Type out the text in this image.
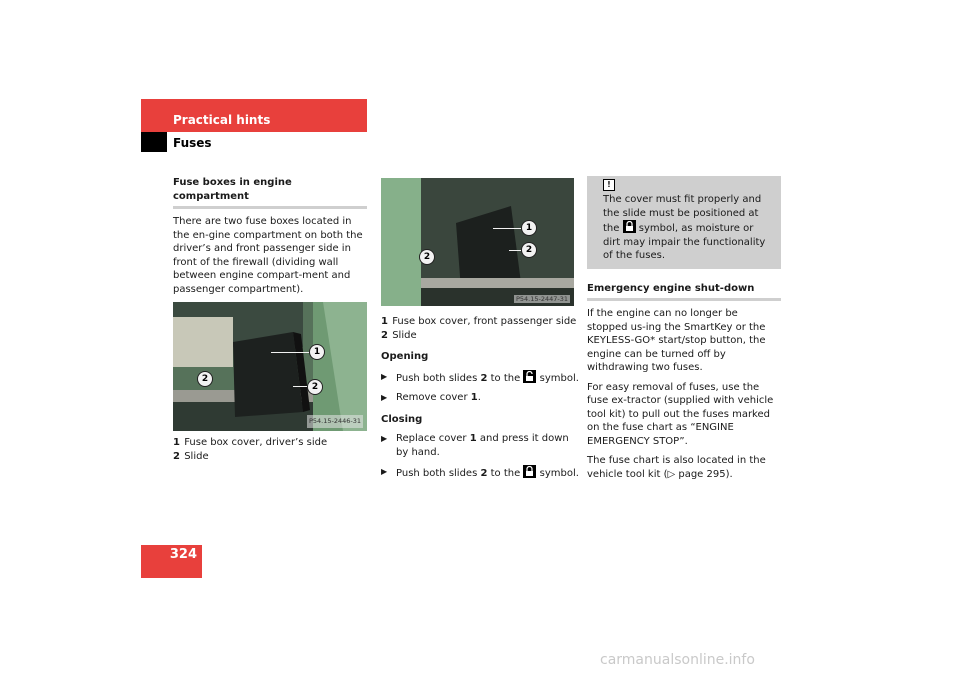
Practical hints
Fuses
Fuse boxes in engine compartment

There are two fuse boxes located in the en-gine compartment on both the driver’s and front passenger side in front of the firewall (dividing wall between engine compart-ment and passenger compartment).

1
2
2
P54.15-2446-31
1 Fuse box cover, driver’s side
2 Slide
1
2
2
P54.15-2447-31
1 Fuse box cover, front passenger side
2 Slide
Opening
▶ Push both slides 2 to the
symbol.
▶ Remove cover 1.
Closing
▶ Replace cover 1 and press it down by hand.
▶ Push both slides 2 to the
symbol.
!
The cover must fit properly and the slide must be positioned at the
symbol, as moisture or dirt may impair the functionality of the fuses.
Emergency engine shut-down

If the engine can no longer be stopped us-ing the SmartKey or the KEYLESS-GO* start/stop button, the engine can be turned off by withdrawing two fuses.

For easy removal of fuses, use the fuse ex-tractor (supplied with vehicle tool kit) to pull out the fuses marked on the fuse chart as “ENGINE EMERGENCY STOP”.

The fuse chart is also located in the vehicle tool kit (▷ page 295).

324
carmanualsonline.info
